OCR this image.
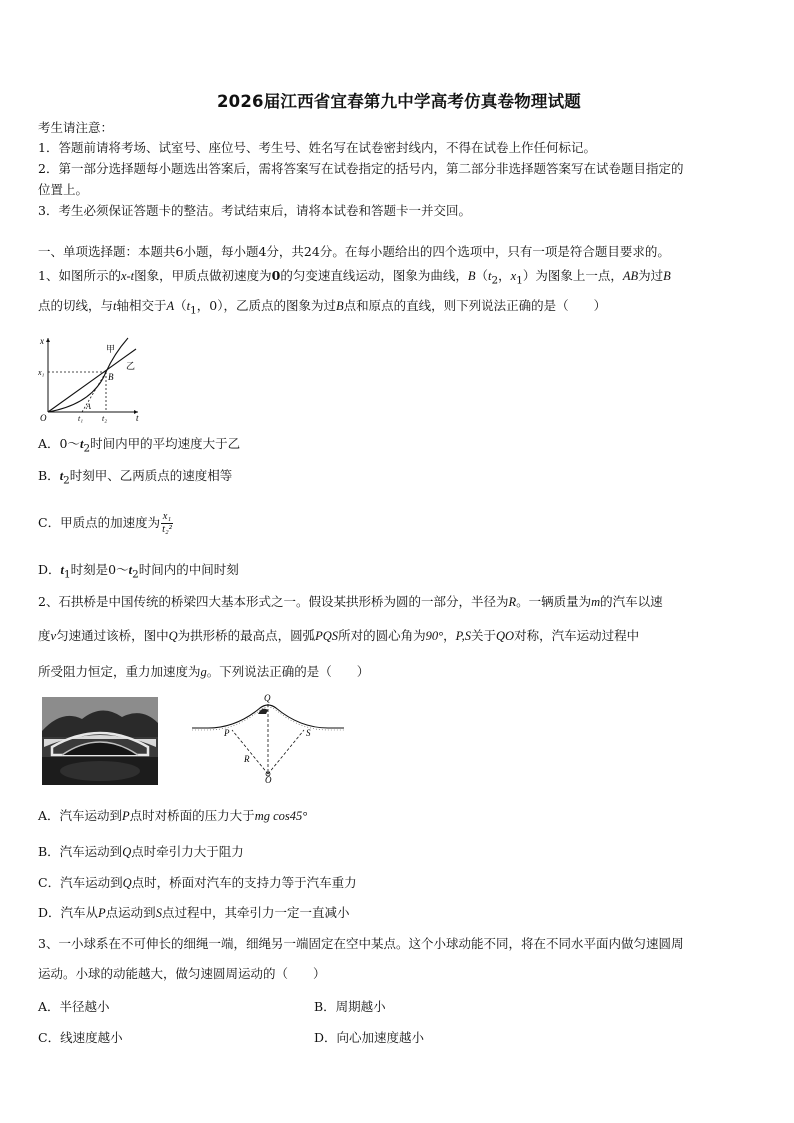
2026届江西省宜春第九中学高考仿真卷物理试题
考生请注意：
1．答题前请将考场、试室号、座位号、考生号、姓名写在试卷密封线内，不得在试卷上作任何标记。
2．第一部分选择题每小题选出答案后，需将答案写在试卷指定的括号内，第二部分非选择题答案写在试卷题目指定的
位置上。
3．考生必须保证答题卡的整洁。考试结束后，请将本试卷和答题卡一并交回。
一、单项选择题：本题共6小题，每小题4分，共24分。在每小题给出的四个选项中，只有一项是符合题目要求的。
1、如图所示的x-t图象，甲质点做初速度为0的匀变速直线运动，图象为曲线，$B(t_2$，$x_1$）为图象上一点，AB为过B
点的切线，与t轴相交于$A(t_1$，0），乙质点的图象为过B点和原点的直线，则下列说法正确的是（　　）
x
x₁
O	t₁ t₂	t
A
B
甲
乙
A．$0\sim t_2$时间内甲的平均速度大于乙
B．$t_2$时刻甲、乙两质点的速度相等
C．甲质点的加速度为 $\frac{\text{x₁}}{\text{t₂²}}$
D．$t_1$时刻是$0\sim t_2$时间内的中间时刻
2、石拱桥是中国传统的桥梁四大基本形式之一。假设某拱形桥为圆的一部分，半径为R。一辆质量为m的汽车以速
度v匀速通过该桥，图中Q为拱形桥的最高点，圆弧PQS所对的圆心角为90°，P,S关于QO对称，汽车运动过程中
所受阻力恒定，重力加速度为g。下列说法正确的是（　　）
Q
P	S
R
O
A．汽车运动到P点时对桥面的压力大于mg cos45°
B．汽车运动到Q点时牵引力大于阻力
C．汽车运动到Q点时，桥面对汽车的支持力等于汽车重力
D．汽车从P点运动到S点过程中，其牵引力一定一直减小
3、一小球系在不可伸长的细绳一端，细绳另一端固定在空中某点。这个小球动能不同，将在不同水平面内做匀速圆周
运动。小球的动能越大，做匀速圆周运动的（　　）
A．半径越小	B．周期越小
C．线速度越小	D．向心加速度越小
